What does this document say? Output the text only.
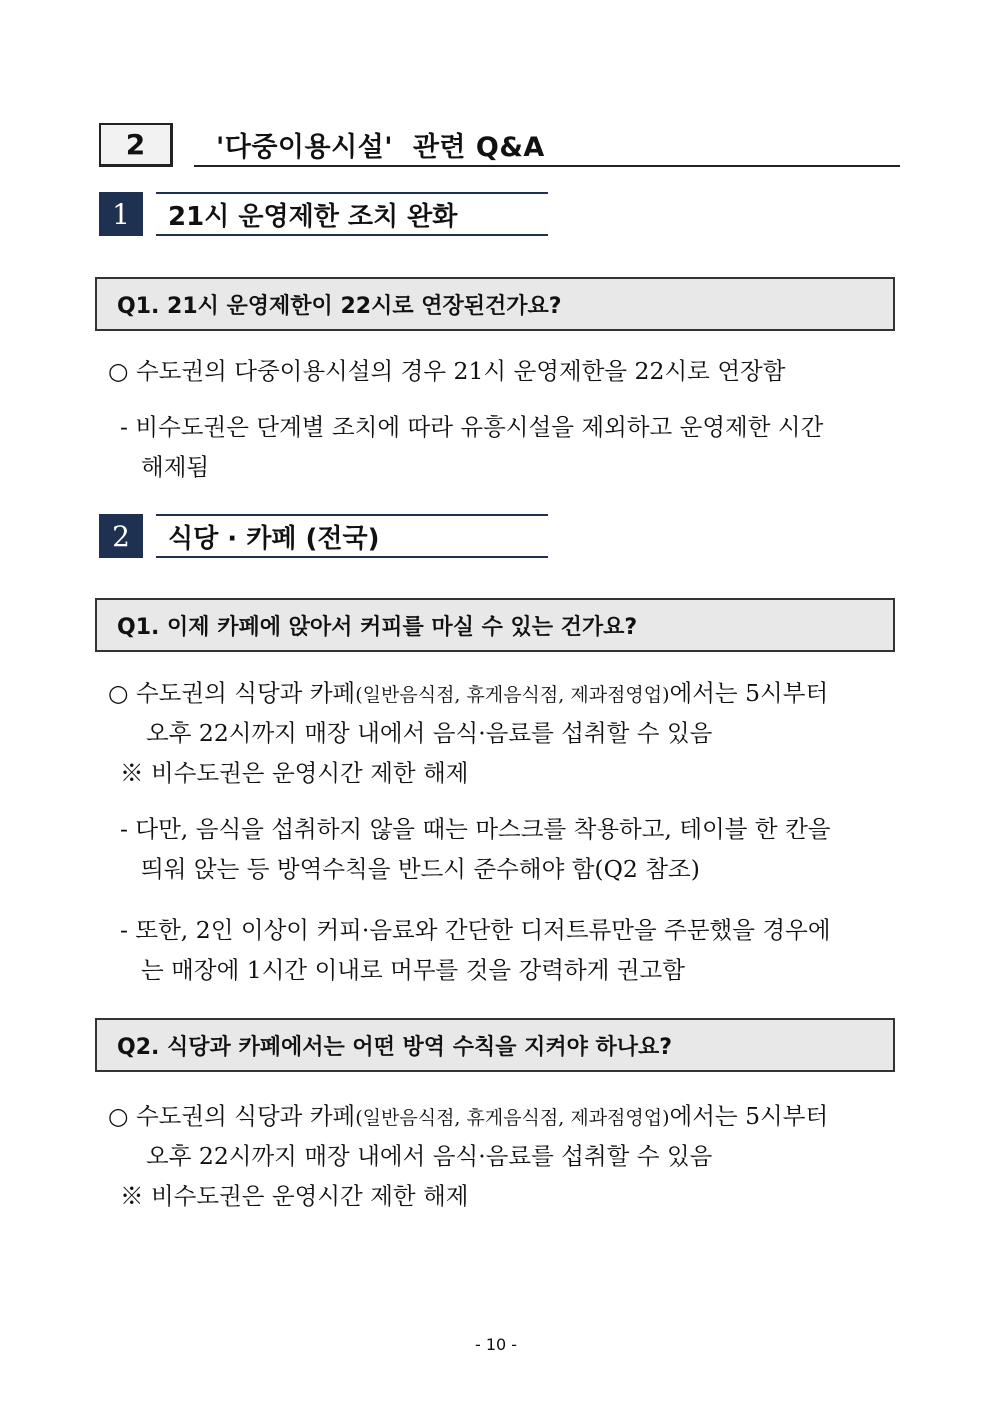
2	'다중이용시설'  관련 Q&A
1	21시 운영제한 조치 완화
Q1. 21시 운영제한이 22시로 연장된건가요?
○ 수도권의 다중이용시설의 경우 21시 운영제한을 22시로 연장함
- 비수도권은 단계별 조치에 따라 유흥시설을 제외하고 운영제한 시간
해제됨
2	식당 · 카페 (전국)
Q1. 이제 카페에 앉아서 커피를 마실 수 있는 건가요?
○ 수도권의 식당과 카페(일반음식점, 휴게음식점, 제과점영업)에서는 5시부터
오후 22시까지 매장 내에서 음식·음료를 섭취할 수 있음
※ 비수도권은 운영시간 제한 해제
- 다만, 음식을 섭취하지 않을 때는 마스크를 착용하고, 테이블 한 칸을
띄워 앉는 등 방역수칙을 반드시 준수해야 함(Q2 참조)
- 또한, 2인 이상이 커피·음료와 간단한 디저트류만을 주문했을 경우에
는 매장에 1시간 이내로 머무를 것을 강력하게 권고함
Q2. 식당과 카페에서는 어떤 방역 수칙을 지켜야 하나요?
○ 수도권의 식당과 카페(일반음식점, 휴게음식점, 제과점영업)에서는 5시부터
오후 22시까지 매장 내에서 음식·음료를 섭취할 수 있음
※ 비수도권은 운영시간 제한 해제
- 10 -
